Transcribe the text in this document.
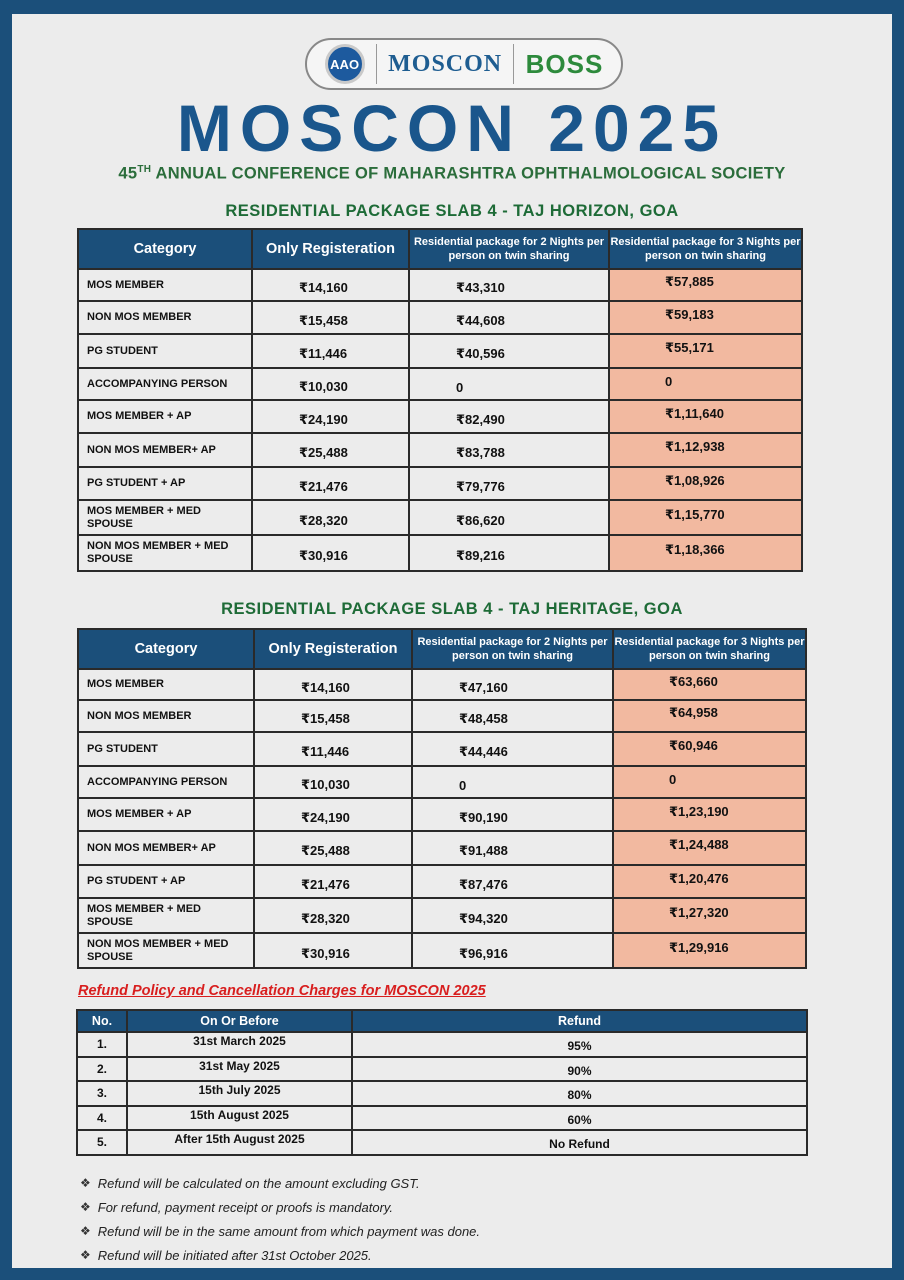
AAO MOSCON BOSS
MOSCON 2025
45TH ANNUAL CONFERENCE OF MAHARASHTRA OPHTHALMOLOGICAL SOCIETY
RESIDENTIAL PACKAGE SLAB 4 - TAJ HORIZON, GOA
Category	Only Registeration	Residential package for 2 Nights per person on twin sharing	Residential package for 3 Nights per person on twin sharing
MOS MEMBER	₹14,160	₹43,310	₹57,885
NON MOS MEMBER	₹15,458	₹44,608	₹59,183
PG STUDENT	₹11,446	₹40,596	₹55,171
ACCOMPANYING PERSON	₹10,030	0	0
MOS MEMBER + AP	₹24,190	₹82,490	₹1,11,640
NON MOS MEMBER+ AP	₹25,488	₹83,788	₹1,12,938
PG STUDENT + AP	₹21,476	₹79,776	₹1,08,926
MOS MEMBER + MED SPOUSE	₹28,320	₹86,620	₹1,15,770
NON MOS MEMBER + MED SPOUSE	₹30,916	₹89,216	₹1,18,366
RESIDENTIAL PACKAGE SLAB 4 - TAJ HERITAGE, GOA
Category	Only Registeration	Residential package for 2 Nights per person on twin sharing	Residential package for 3 Nights per person on twin sharing
MOS MEMBER	₹14,160	₹47,160	₹63,660
NON MOS MEMBER	₹15,458	₹48,458	₹64,958
PG STUDENT	₹11,446	₹44,446	₹60,946
ACCOMPANYING PERSON	₹10,030	0	0
MOS MEMBER + AP	₹24,190	₹90,190	₹1,23,190
NON MOS MEMBER+ AP	₹25,488	₹91,488	₹1,24,488
PG STUDENT + AP	₹21,476	₹87,476	₹1,20,476
MOS MEMBER + MED SPOUSE	₹28,320	₹94,320	₹1,27,320
NON MOS MEMBER + MED SPOUSE	₹30,916	₹96,916	₹1,29,916
Refund Policy and Cancellation Charges for MOSCON 2025
No.	On Or Before	Refund
1.	31st March 2025	95%
2.	31st May 2025	90%
3.	15th July 2025	80%
4.	15th August 2025	60%
5.	After 15th August 2025	No Refund
❖ Refund will be calculated on the amount excluding GST.
❖ For refund, payment receipt or proofs is mandatory.
❖ Refund will be in the same amount from which payment was done.
❖ Refund will be initiated after 31st October 2025.
